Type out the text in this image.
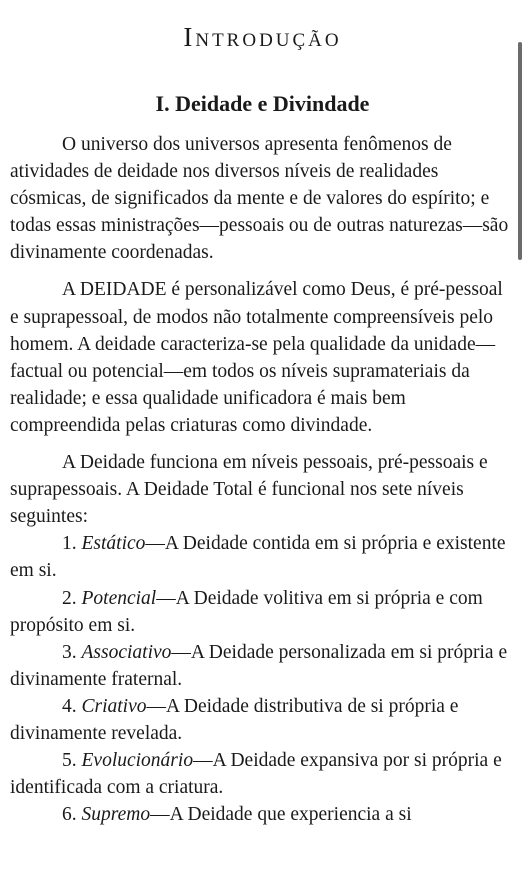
Introdução
I. Deidade e Divindade

O universo dos universos apresenta fenômenos de atividades de deidade nos diversos níveis de realidades cósmicas, de significados da mente e de valores do espírito; e todas essas ministrações—pessoais ou de outras naturezas—são divinamente coordenadas.

A DEIDADE é personalizável como Deus, é pré-pessoal e suprapessoal, de modos não totalmente compreensíveis pelo homem. A deidade caracteriza-se pela qualidade da unidade—factual ou potencial—em todos os níveis supramateriais da realidade; e essa qualidade unificadora é mais bem compreendida pelas criaturas como divindade.

A Deidade funciona em níveis pessoais, pré-pessoais e suprapessoais. A Deidade Total é funcional nos sete níveis seguintes:

1. Estático—A Deidade contida em si própria e existente em si.

2. Potencial—A Deidade volitiva em si própria e com propósito em si.

3. Associativo—A Deidade personalizada em si própria e divinamente fraternal.

4. Criativo—A Deidade distributiva de si própria e divinamente revelada.

5. Evolucionário—A Deidade expansiva por si própria e identificada com a criatura.

6. Supremo—A Deidade que experiencia a si
